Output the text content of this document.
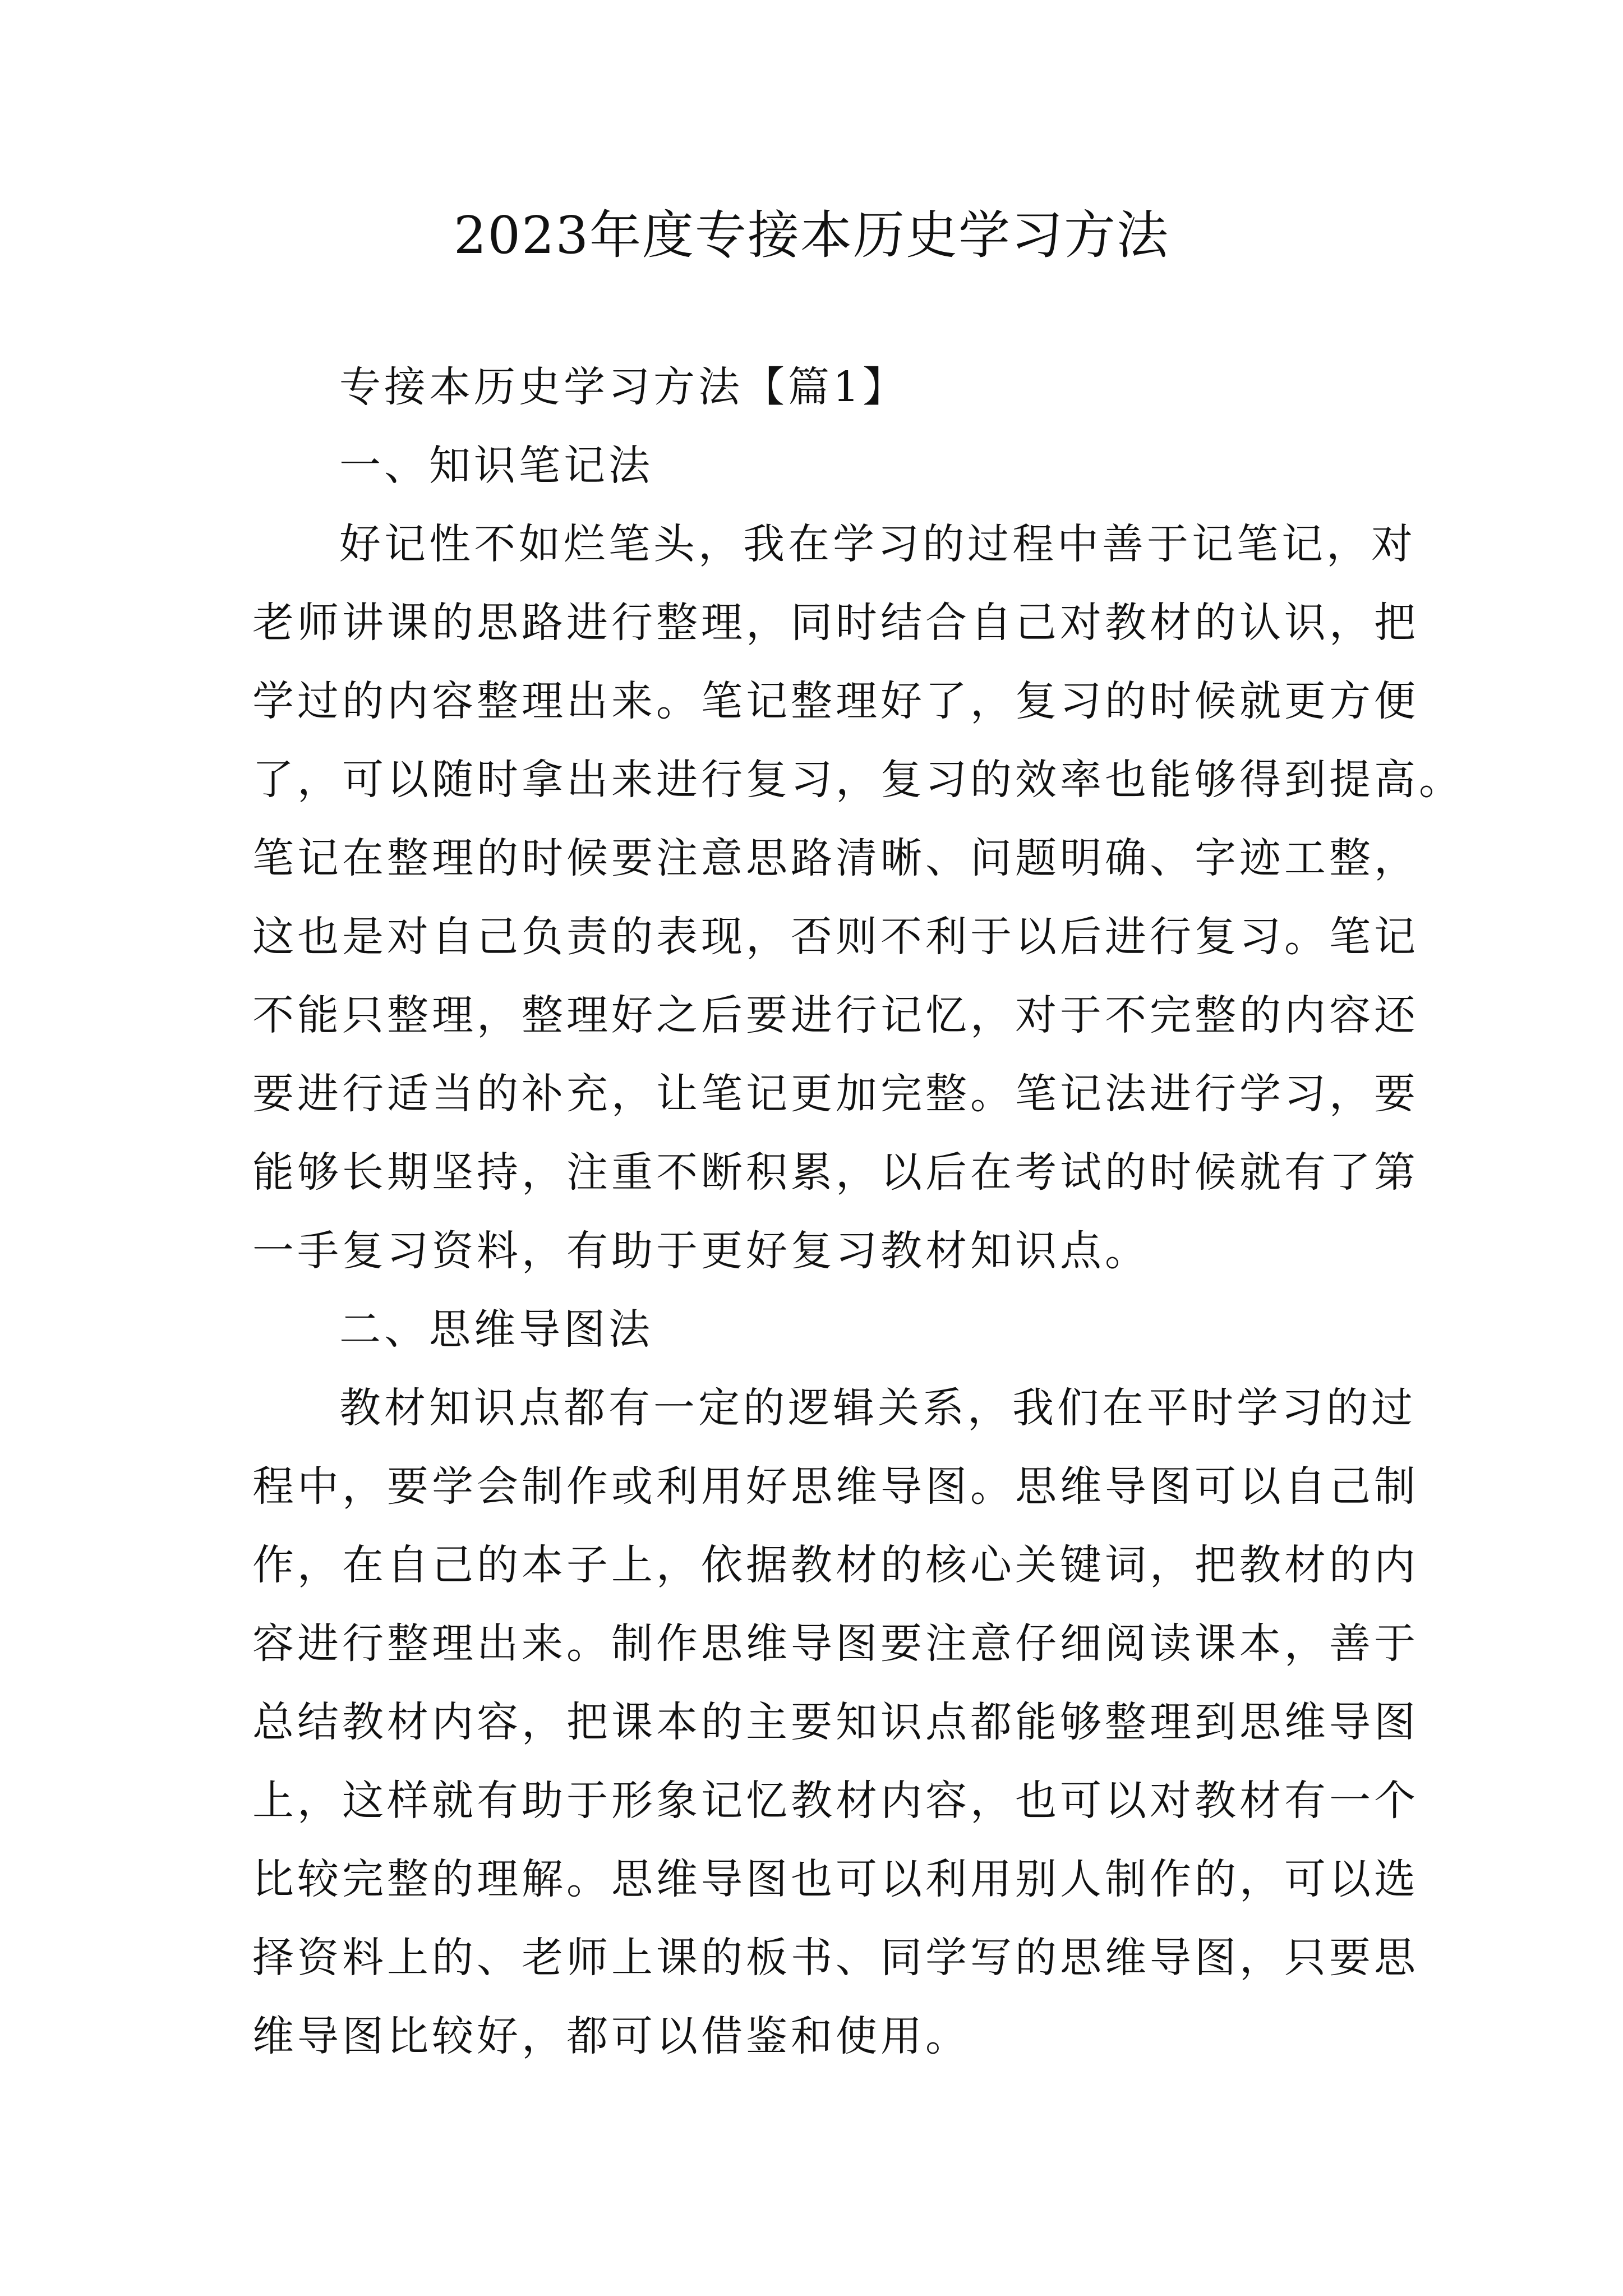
2023年度专接本历史学习方法

专接本历史学习方法【篇1】

一、知识笔记法

好记性不如烂笔头，我在学习的过程中善于记笔记，对

老师讲课的思路进行整理，同时结合自己对教材的认识，把

学过的内容整理出来。笔记整理好了，复习的时候就更方便

了，可以随时拿出来进行复习，复习的效率也能够得到提高。

笔记在整理的时候要注意思路清晰、问题明确、字迹工整，

这也是对自己负责的表现，否则不利于以后进行复习。笔记

不能只整理，整理好之后要进行记忆，对于不完整的内容还

要进行适当的补充，让笔记更加完整。笔记法进行学习，要

能够长期坚持，注重不断积累，以后在考试的时候就有了第

一手复习资料，有助于更好复习教材知识点。

二、思维导图法

教材知识点都有一定的逻辑关系，我们在平时学习的过

程中，要学会制作或利用好思维导图。思维导图可以自己制

作，在自己的本子上，依据教材的核心关键词，把教材的内

容进行整理出来。制作思维导图要注意仔细阅读课本，善于

总结教材内容，把课本的主要知识点都能够整理到思维导图

上，这样就有助于形象记忆教材内容，也可以对教材有一个

比较完整的理解。思维导图也可以利用别人制作的，可以选

择资料上的、老师上课的板书、同学写的思维导图，只要思

维导图比较好，都可以借鉴和使用。
